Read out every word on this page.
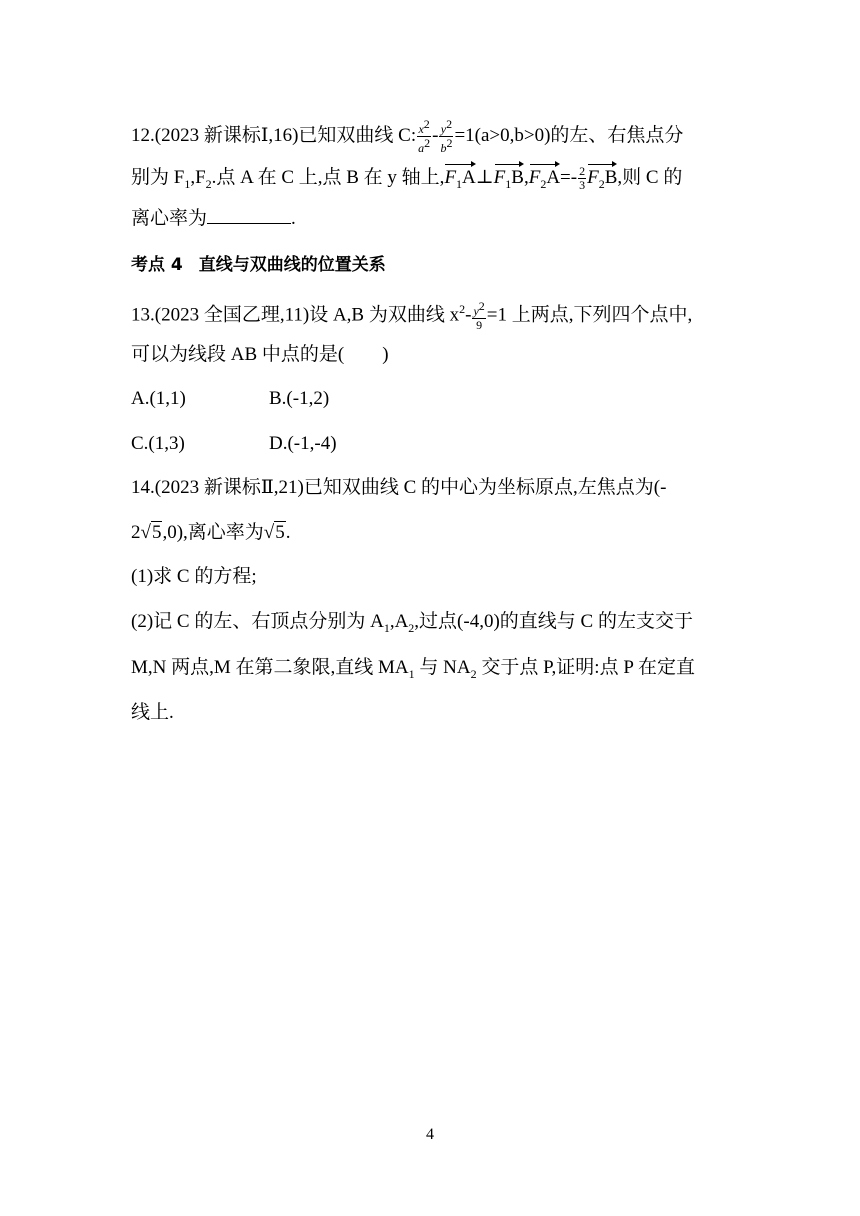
12.(2023 新课标Ⅰ,16)已知双曲线 C: $\frac{x^2}{a^2} - \frac{y^2}{b^2} =1(a>0,b>0)$的左、右焦点分
别为 $F_1,F_2$.点 A 在 C 上,点 B 在 y 轴上$,F_1A\perp F_1B,F_2A=- \frac{2}{3} F_2B$,则 C 的
离心率为	.
考点 4 直线与双曲线的位置关系
13.(2023 全国乙理,11)设 A,B 为双曲线 $x^2- \frac{y^2}{9} =1$ 上两点,下列四个点中,
可以为线段 AB 中点的是(　　)
A.(1,1)	B.(-1,2)
C.(1,3)	D.(-1,-4)
14.(2023 新课标Ⅱ,21)已知双曲线 C 的中心为坐标原点,左焦点为(-
2√5,0),离心率为√5.
(1)求 C 的方程;
(2)记 C 的左、右顶点分别为 $A_1,A_2$,过点(-4,0)的直线与 C 的左支交于
M,N 两点,M 在第二象限,直线 $MA_1$ 与 $NA_2$ 交于点 P,证明:点 P 在定直
线上.
4
